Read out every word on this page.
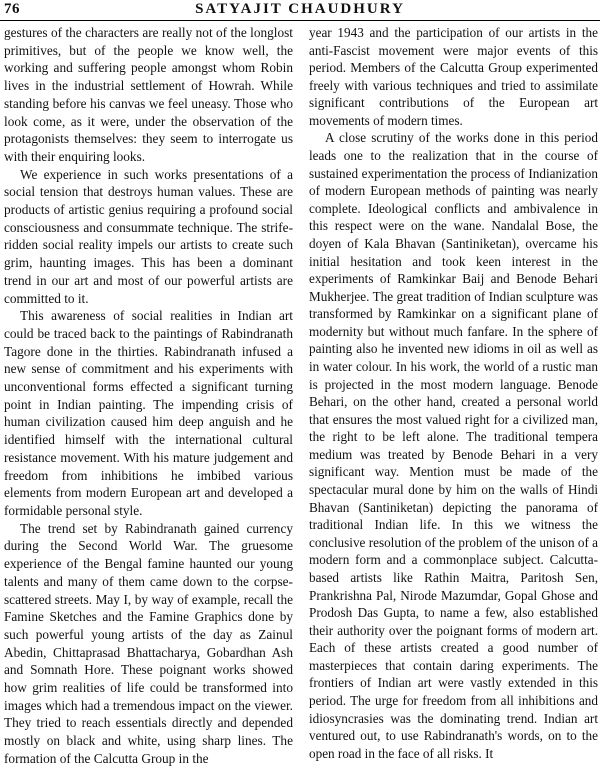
76	SATYAJIT CHAUDHURY

gestures of the characters are really not of the longlost primitives, but of the people we know well, the working and suffering people amongst whom Robin lives in the industrial settlement of Howrah. While standing before his canvas we feel uneasy. Those who look come, as it were, under the observation of the protagonists themselves: they seem to interrogate us with their enquiring looks.

We experience in such works presentations of a social tension that destroys human values. These are products of artistic genius requiring a profound social consciousness and consummate technique. The strife-ridden social reality impels our artists to create such grim, haunting images. This has been a dominant trend in our art and most of our powerful artists are committed to it.

This awareness of social realities in Indian art could be traced back to the paintings of Rabindranath Tagore done in the thirties. Rabindranath infused a new sense of commitment and his experiments with unconventional forms effected a significant turning point in Indian painting. The impending crisis of human civilization caused him deep anguish and he identified himself with the international cultural resistance movement. With his mature judgement and freedom from inhibitions he imbibed various elements from modern European art and developed a formidable personal style.

The trend set by Rabindranath gained currency during the Second World War. The gruesome experience of the Bengal famine haunted our young talents and many of them came down to the corpse-scattered streets. May I, by way of example, recall the Famine Sketches and the Famine Graphics done by such powerful young artists of the day as Zainul Abedin, Chittaprasad Bhattacharya, Gobardhan Ash and Somnath Hore. These poignant works showed how grim realities of life could be transformed into images which had a tremendous impact on the viewer. They tried to reach essentials directly and depended mostly on black and white, using sharp lines. The formation of the Calcutta Group in the

year 1943 and the participation of our artists in the anti-Fascist movement were major events of this period. Members of the Calcutta Group experimented freely with various techniques and tried to assimilate significant contributions of the European art movements of modern times.

A close scrutiny of the works done in this period leads one to the realization that in the course of sustained experimentation the process of Indianization of modern European methods of painting was nearly complete. Ideological conflicts and ambivalence in this respect were on the wane. Nandalal Bose, the doyen of Kala Bhavan (Santiniketan), overcame his initial hesitation and took keen interest in the experiments of Ramkinkar Baij and Benode Behari Mukherjee. The great tradition of Indian sculpture was transformed by Ramkinkar on a significant plane of modernity but without much fanfare. In the sphere of painting also he invented new idioms in oil as well as in water colour. In his work, the world of a rustic man is projected in the most modern language. Benode Behari, on the other hand, created a personal world that ensures the most valued right for a civilized man, the right to be left alone. The traditional tempera medium was treated by Benode Behari in a very significant way. Mention must be made of the spectacular mural done by him on the walls of Hindi Bhavan (Santiniketan) depicting the panorama of traditional Indian life. In this we witness the conclusive resolution of the problem of the unison of a modern form and a commonplace subject. Calcutta-based artists like Rathin Maitra, Paritosh Sen, Prankrishna Pal, Nirode Mazumdar, Gopal Ghose and Prodosh Das Gupta, to name a few, also established their authority over the poignant forms of modern art. Each of these artists created a good number of masterpieces that contain daring experiments. The frontiers of Indian art were vastly extended in this period. The urge for freedom from all inhibitions and idiosyncrasies was the dominating trend. Indian art ventured out, to use Rabindranath's words, on to the open road in the face of all risks. It
